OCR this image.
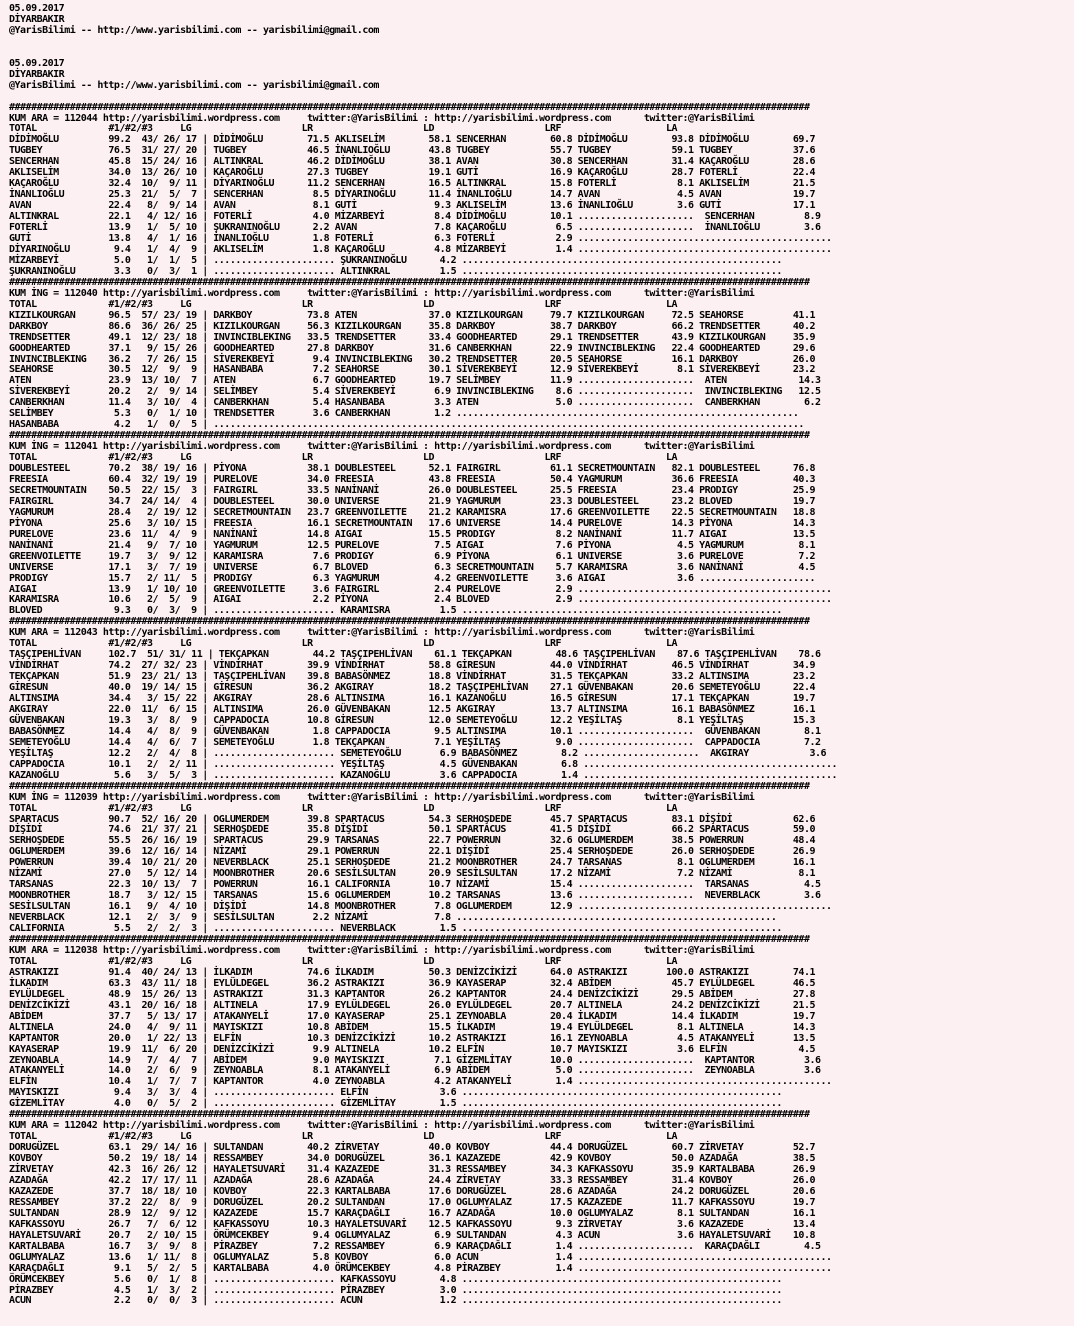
05.09.2017
DİYARBAKIR
@YarisBilimi -- http://www.yarisbilimi.com -- yarisbilimi@gmail.com
05.09.2017
DİYARBAKIR
@YarisBilimi -- http://www.yarisbilimi.com -- yarisbilimi@gmail.com
#################################################################################################################################################
KUM ARA = 112044 http://yarisbilimi.wordpress.com     twitter:@YarisBilimi : http://yarisbilimi.wordpress.com      twitter:@YarisBilimi
TOTAL             #1/#2/#3     LG                    LR                    LD                    LRF                   LA
DİDİMOĞLU         99.2  43/ 26/ 17 | DİDİMOĞLU        71.5 AKLISELİM        58.1 SENCERHAN        60.8 DİDİMOĞLU        93.8 DİDİMOĞLU        69.7
TUGBEY            76.5  31/ 27/ 20 | TUGBEY           46.5 İNANLIOĞLU       43.8 TUGBEY           55.7 TUGBEY           59.1 TUGBEY           37.6
SENCERHAN         45.8  15/ 24/ 16 | ALTINKRAL        46.2 DİDİMOĞLU        38.1 AVAN             30.8 SENCERHAN        31.4 KAÇAROĞLU        28.6
AKLISELİM         34.0  13/ 26/ 10 | KAÇAROĞLU        27.3 TUGBEY           19.1 GUTİ             16.9 KAÇAROĞLU        28.7 FOTERLİ          22.4
KAÇAROĞLU         32.4  10/  9/ 11 | DİYARINOĞLU      11.2 SENCERHAN        16.5 ALTINKRAL        15.8 FOTERLİ           8.1 AKLISELİM        21.5
İNANLIOĞLU        25.3  21/  5/  7 | SENCERHAN         8.5 DİYARINOĞLU      11.4 İNANLIOĞLU       14.7 AVAN              4.5 AVAN             19.7
AVAN              22.4   8/  9/ 14 | AVAN              8.1 GUTİ              9.3 AKLISELİM        13.6 İNANLIOĞLU        3.6 GUTİ             17.1
ALTINKRAL         22.1   4/ 12/ 16 | FOTERLİ           4.0 MİZARBEYİ         8.4 DİDİMOĞLU        10.1 .....................  SENCERHAN         8.9
FOTERLİ           13.9   1/  5/ 10 | ŞUKRANINOĞLU      2.2 AVAN              7.8 KAÇAROĞLU         6.5 .....................  İNANLIOĞLU        3.6
GUTİ              13.8   4/  1/ 16 | İNANLIOĞLU        1.8 FOTERLİ           6.3 FOTERLİ           2.9 ..............................................
DİYARINOĞLU        9.4   1/  4/  9 | AKLISELİM         1.8 KAÇAROĞLU         4.8 MİZARBEYİ         1.4 ..............................................
MİZARBEYİ          5.0   1/  1/  5 | ...................... ŞUKRANINOĞLU      4.2 ..........................................................
ŞUKRANINOĞLU       3.3   0/  3/  1 | ...................... ALTINKRAL         1.5 ..........................................................
#################################################################################################################################################
KUM İNG = 112040 http://yarisbilimi.wordpress.com     twitter:@YarisBilimi : http://yarisbilimi.wordpress.com      twitter:@YarisBilimi
TOTAL             #1/#2/#3     LG                    LR                    LD                    LRF                   LA
KIZILKOURGAN      96.5  57/ 23/ 19 | DARKBOY          73.8 ATEN             37.0 KIZILKOURGAN     79.7 KIZILKOURGAN     72.5 SEAHORSE         41.1
DARKBOY           86.6  36/ 26/ 25 | KIZILKOURGAN     56.3 KIZILKOURGAN     35.8 DARKBOY          38.7 DARKBOY          66.2 TRENDSETTER      40.2
TRENDSETTER       49.1  12/ 23/ 18 | INVINCIBLEKING   33.5 TRENDSETTER      33.4 GOODHEARTED      29.1 TRENDSETTER      43.9 KIZILKOURGAN     35.9
GOODHEARTED       37.1   9/ 15/ 26 | GOODHEARTED      27.8 DARKBOY          31.6 CANBERKHAN       22.9 INVINCIBLEKING   22.4 GOODHEARTED      29.6
INVINCIBLEKING    36.2   7/ 26/ 15 | SİVEREKBEYİ       9.4 INVINCIBLEKING   30.2 TRENDSETTER      20.5 SEAHORSE         16.1 DARKBOY          26.0
SEAHORSE          30.5  12/  9/  9 | HASANBABA         7.2 SEAHORSE         30.1 SİVEREKBEYİ      12.9 SİVEREKBEYİ       8.1 SİVEREKBEYİ      23.2
ATEN              23.9  13/ 10/  7 | ATEN              6.7 GOODHEARTED      19.7 SELİMBEY         11.9 .....................  ATEN             14.3
SİVEREKBEYİ       20.2   2/  9/ 14 | SELİMBEY          5.4 SİVEREKBEYİ       6.9 INVINCIBLEKING    8.6 .....................  INVINCIBLEKING   12.5
CANBERKHAN        11.4   3/ 10/  4 | CANBERKHAN        5.4 HASANBABA         3.3 ATEN              5.0 .....................  CANBERKHAN        6.2
SELİMBEY           5.3   0/  1/ 10 | TRENDSETTER       3.6 CANBERKHAN        1.2 ..............................................................
HASANBABA          4.2   1/  0/  5 | ...........................................................................................................
#################################################################################################################################################
KUM İNG = 112041 http://yarisbilimi.wordpress.com     twitter:@YarisBilimi : http://yarisbilimi.wordpress.com      twitter:@YarisBilimi
TOTAL             #1/#2/#3     LG                    LR                    LD                    LRF                   LA
DOUBLESTEEL       70.2  38/ 19/ 16 | PİYONA           38.1 DOUBLESTEEL      52.1 FAIRGIRL         61.1 SECRETMOUNTAIN   82.1 DOUBLESTEEL      76.8
FREESIA           60.4  32/ 19/ 19 | PURELOVE         34.0 FREESIA          43.8 FREESIA          50.4 YAGMURUM         36.6 FREESIA          40.3
SECRETMOUNTAIN    50.5  22/ 15/  3 | FAIRGIRL         33.5 NANİNANİ         26.0 DOUBLESTEEL      25.5 FREESIA          23.4 PRODIGY          25.9
FAIRGIRL          34.7  24/ 14/  4 | DOUBLESTEEL      30.0 UNIVERSE         21.9 YAGMURUM         23.3 DOUBLESTEEL      23.2 BLOVED           19.7
YAGMURUM          28.4   2/ 19/ 12 | SECRETMOUNTAIN   23.7 GREENVOILETTE    21.2 KARAMISRA        17.6 GREENVOILETTE    22.5 SECRETMOUNTAIN   18.8
PİYONA            25.6   3/ 10/ 15 | FREESIA          16.1 SECRETMOUNTAIN   17.6 UNIVERSE         14.4 PURELOVE         14.3 PİYONA           14.3
PURELOVE          23.6  11/  4/  9 | NANİNANİ         14.8 AIGAI            15.5 PRODIGY           8.2 NANİNANİ         11.7 AIGAI            13.5
NANİNANİ          21.4   9/  7/ 10 | YAGMURUM         12.5 PURELOVE          7.5 AIGAI             7.6 PİYONA            4.5 YAGMURUM          8.1
GREENVOILETTE     19.7   3/  9/ 12 | KARAMISRA         7.6 PRODIGY           6.9 PİYONA            6.1 UNIVERSE          3.6 PURELOVE          7.2
UNIVERSE          17.1   3/  7/ 19 | UNIVERSE          6.7 BLOVED            6.3 SECRETMOUNTAIN    5.7 KARAMISRA         3.6 NANİNANİ          4.5
PRODIGY           15.7   2/ 11/  5 | PRODIGY           6.3 YAGMURUM          4.2 GREENVOILETTE     3.6 AIGAI             3.6 .....................
AIGAI             13.9   1/ 10/ 10 | GREENVOILETTE     3.6 FAIRGIRL          2.4 PURELOVE          2.9 ..............................................
KARAMISRA         10.6   2/  5/  9 | AIGAI             2.2 PİYONA            2.4 BLOVED            2.9 ..............................................
BLOVED             9.3   0/  3/  9 | ...................... KARAMISRA         1.5 ..........................................................
#################################################################################################################################################
KUM ARA = 112043 http://yarisbilimi.wordpress.com     twitter:@YarisBilimi : http://yarisbilimi.wordpress.com      twitter:@YarisBilimi
TOTAL             #1/#2/#3     LG                    LR                    LD                    LRF                   LA
TAŞÇIPEHLİVAN     102.7  51/ 31/ 11 | TEKÇAPKAN        44.2 TAŞÇIPEHLİVAN    61.1 TEKÇAPKAN        48.6 TAŞÇIPEHLİVAN    87.6 TAŞÇIPEHLİVAN    78.6
VİNDİRHAT         74.2  27/ 32/ 23 | VİNDİRHAT        39.9 VİNDİRHAT        58.8 GİRESUN          44.0 VİNDİRHAT        46.5 VİNDİRHAT        34.9
TEKÇAPKAN         51.9  23/ 21/ 13 | TAŞÇIPEHLİVAN    39.8 BABASÖNMEZ       18.8 VİNDİRHAT        31.5 TEKÇAPKAN        33.2 ALTINSIMA        23.2
GİRESUN           40.0  19/ 14/ 15 | GİRESUN          36.2 AKGIRAY          18.2 TAŞÇIPEHLİVAN    27.1 GÜVENBAKAN       20.6 SEMETEYOĞLU      22.4
ALTINSIMA         34.4   3/ 15/ 22 | AKGIRAY          28.6 ALTINSIMA        16.1 KAZANOĞLU        16.5 GİRESUN          17.1 TEKÇAPKAN        19.7
AKGIRAY           22.0  11/  6/ 15 | ALTINSIMA        26.0 GÜVENBAKAN       12.5 AKGIRAY          13.7 ALTINSIMA        16.1 BABASÖNMEZ       16.1
GÜVENBAKAN        19.3   3/  8/  9 | CAPPADOCIA       10.8 GİRESUN          12.0 SEMETEYOĞLU      12.2 YEŞİLTAŞ          8.1 YEŞİLTAŞ         15.3
BABASÖNMEZ        14.4   4/  8/  9 | GÜVENBAKAN        1.8 CAPPADOCIA        9.5 ALTINSIMA        10.1 .....................  GÜVENBAKAN        8.1
SEMETEYOĞLU       14.4   4/  6/  7 | SEMETEYOĞLU       1.8 TEKÇAPKAN         7.1 YEŞİLTAŞ          9.0 .....................  CAPPADOCIA        7.2
YEŞİLTAŞ          12.2   2/  4/  8 | ...................... SEMETEYOĞLU       6.9 BABASÖNMEZ        8.2 .....................  AKGIRAY           3.6
CAPPADOCIA        10.1   2/  2/ 11 | ...................... YEŞİLTAŞ          4.5 GÜVENBAKAN        6.8 ..............................................
KAZANOĞLU          5.6   3/  5/  3 | ...................... KAZANOĞLU         3.6 CAPPADOCIA        1.4 ..............................................
#################################################################################################################################################
KUM İNG = 112039 http://yarisbilimi.wordpress.com     twitter:@YarisBilimi : http://yarisbilimi.wordpress.com      twitter:@YarisBilimi
TOTAL             #1/#2/#3     LG                    LR                    LD                    LRF                   LA
SPARTACUS         90.7  52/ 16/ 20 | OGLUMERDEM       39.8 SPARTACUS        54.3 SERHOŞDEDE       45.7 SPARTACUS        83.1 DİŞİDİ           62.6
DİŞİDİ            74.6  21/ 37/ 21 | SERHOŞDEDE       35.8 DİŞİDİ           50.1 SPARTACUS        41.5 DİŞİDİ           66.2 SPARTACUS        59.0
SERHOŞDEDE        55.5  26/ 16/ 19 | SPARTACUS        29.9 TARSANAS         22.7 POWERRUN         32.6 OGLUMERDEM       38.5 POWERRUN         48.4
OGLUMERDEM        39.6  12/ 16/ 14 | NİZAMİ           29.1 POWERRUN         22.1 DİŞİDİ           25.4 SERHOŞDEDE       26.0 SERHOŞDEDE       26.9
POWERRUN          39.4  10/ 21/ 20 | NEVERBLACK       25.1 SERHOŞDEDE       21.2 MOONBROTHER      24.7 TARSANAS          8.1 OGLUMERDEM       16.1
NİZAMİ            27.0   5/ 12/ 14 | MOONBROTHER      20.6 SESİLSULTAN      20.9 SESİLSULTAN      17.2 NİZAMİ            7.2 NİZAMİ            8.1
TARSANAS          22.3  10/ 13/  7 | POWERRUN         16.1 CALIFORNIA       10.7 NİZAMİ           15.4 .....................  TARSANAS          4.5
MOONBROTHER       18.7   3/ 12/ 15 | TARSANAS         15.6 OGLUMERDEM       10.2 TARSANAS         13.6 .....................  NEVERBLACK        3.6
SESİLSULTAN       16.1   9/  4/ 10 | DİŞİDİ           14.8 MOONBROTHER       7.8 OGLUMERDEM       12.9 ..............................................
NEVERBLACK        12.1   2/  3/  9 | SESİLSULTAN       2.2 NİZAMİ            7.8 ..........................................................
CALIFORNIA         5.5   2/  2/  3 | ...................... NEVERBLACK        1.5 ..........................................................
#################################################################################################################################################
KUM ARA = 112038 http://yarisbilimi.wordpress.com     twitter:@YarisBilimi : http://yarisbilimi.wordpress.com      twitter:@YarisBilimi
TOTAL             #1/#2/#3     LG                    LR                    LD                    LRF                   LA
ASTRAKIZI         91.4  40/ 24/ 13 | İLKADIM          74.6 İLKADIM          50.3 DENİZCİKİZİ      64.0 ASTRAKIZI       100.0 ASTRAKIZI        74.1
İLKADIM           63.3  43/ 11/ 18 | EYLÜLDEGEL       36.2 ASTRAKIZI        36.9 KAYASERAP        32.4 ABİDEM           45.7 EYLÜLDEGEL       46.5
EYLÜLDEGEL        48.9  15/ 26/ 13 | ASTRAKIZI        31.3 KAPTANTOR        26.2 KAPTANTOR        24.4 DENİZCİKİZİ      29.5 ABİDEM           27.8
DENİZCİKİZİ       43.1  20/ 16/ 18 | ALTINELA         17.9 EYLÜLDEGEL       26.0 EYLÜLDEGEL       20.7 ALTINELA         24.2 DENİZCİKİZİ      21.5
ABİDEM            37.7   5/ 13/ 17 | ATAKANYELİ       17.0 KAYASERAP        25.1 ZEYNOABLA        20.4 İLKADIM          14.4 İLKADIM          19.7
ALTINELA          24.0   4/  9/ 11 | MAYISKIZI        10.8 ABİDEM           15.5 İLKADIM          19.4 EYLÜLDEGEL        8.1 ALTINELA         14.3
KAPTANTOR         20.0   1/ 22/ 13 | ELFİN            10.3 DENİZCİKİZİ      10.2 ASTRAKIZI        16.1 ZEYNOABLA         4.5 ATAKANYELİ       13.5
KAYASERAP         19.9  11/  6/ 20 | DENİZCİKİZİ       9.9 ALTINELA         10.2 ELFİN            10.7 MAYISKIZI         3.6 ELFİN             4.5
ZEYNOABLA         14.9   7/  4/  7 | ABİDEM            9.0 MAYISKIZI         7.1 GİZEMLİTAY       10.0 .....................  KAPTANTOR         3.6
ATAKANYELİ        14.0   2/  6/  9 | ZEYNOABLA         8.1 ATAKANYELİ        6.9 ABİDEM            5.0 .....................  ZEYNOABLA         3.6
ELFİN             10.4   1/  7/  7 | KAPTANTOR         4.0 ZEYNOABLA         4.2 ATAKANYELİ        1.4 ..............................................
MAYISKIZI          9.4   3/  3/  4 | ...................... ELFİN             3.6 ..........................................................
GİZEMLİTAY         4.0   0/  5/  2 | ...................... GİZEMLİTAY        1.5 ..........................................................
#################################################################################################################################################
KUM ARA = 112042 http://yarisbilimi.wordpress.com     twitter:@YarisBilimi : http://yarisbilimi.wordpress.com      twitter:@YarisBilimi
TOTAL             #1/#2/#3     LG                    LR                    LD                    LRF                   LA
DORUGÜZEL         63.1  29/ 14/ 16 | SULTANDAN        40.2 ZİRVETAY         40.0 KOVBOY           44.4 DORUGÜZEL        60.7 ZİRVETAY         52.7
KOVBOY            50.2  19/ 18/ 14 | RESSAMBEY        34.0 DORUGÜZEL        36.1 KAZAZEDE         42.9 KOVBOY           50.0 AZADAĞA          38.5
ZİRVETAY          42.3  16/ 26/ 12 | HAYALETSUVARİ    31.4 KAZAZEDE         31.3 RESSAMBEY        34.3 KAFKASSOYU       35.9 KARTALBABA       26.9
AZADAĞA           42.2  17/ 17/ 11 | AZADAĞA          28.6 AZADAĞA          24.4 ZİRVETAY         33.3 RESSAMBEY        31.4 KOVBOY           26.0
KAZAZEDE          37.7  18/ 18/ 10 | KOVBOY           22.3 KARTALBABA       17.6 DORUGÜZEL        28.6 AZADAĞA          24.2 DORUGÜZEL        20.6
RESSAMBEY         37.2  22/  8/  9 | DORUGÜZEL        20.2 SULTANDAN        17.0 OGLUMYALAZ       17.5 KAZAZEDE         11.7 KAFKASSOYU       19.7
SULTANDAN         28.9  12/  9/ 12 | KAZAZEDE         15.7 KARAÇDAĞLI       16.7 AZADAĞA          10.0 OGLUMYALAZ        8.1 SULTANDAN        16.1
KAFKASSOYU        26.7   7/  6/ 12 | KAFKASSOYU       10.3 HAYALETSUVARİ    12.5 KAFKASSOYU        9.3 ZİRVETAY          3.6 KAZAZEDE         13.4
HAYALETSUVARİ     20.7   2/ 10/ 15 | ÖRÜMCEKBEY        9.4 OGLUMYALAZ        6.9 SULTANDAN         4.3 ACUN              3.6 HAYALETSUVARİ    10.8
KARTALBABA        16.7   3/  9/  8 | PİRAZBEY          7.2 RESSAMBEY         6.9 KARAÇDAĞLI        1.4 .....................  KARAÇDAĞLI        4.5
OGLUMYALAZ        13.6   1/ 11/  8 | OGLUMYALAZ        5.8 KOVBOY            6.0 ACUN              1.4 ..............................................
KARAÇDAĞLI         9.1   5/  2/  5 | KARTALBABA        4.0 ÖRÜMCEKBEY        4.8 PİRAZBEY          1.4 ..............................................
ÖRÜMCEKBEY         5.6   0/  1/  8 | ...................... KAFKASSOYU        4.8 ..........................................................
PİRAZBEY           4.5   1/  3/  2 | ...................... PİRAZBEY          3.0 ..........................................................
ACUN               2.2   0/  0/  3 | ...................... ACUN              1.2 ..........................................................
